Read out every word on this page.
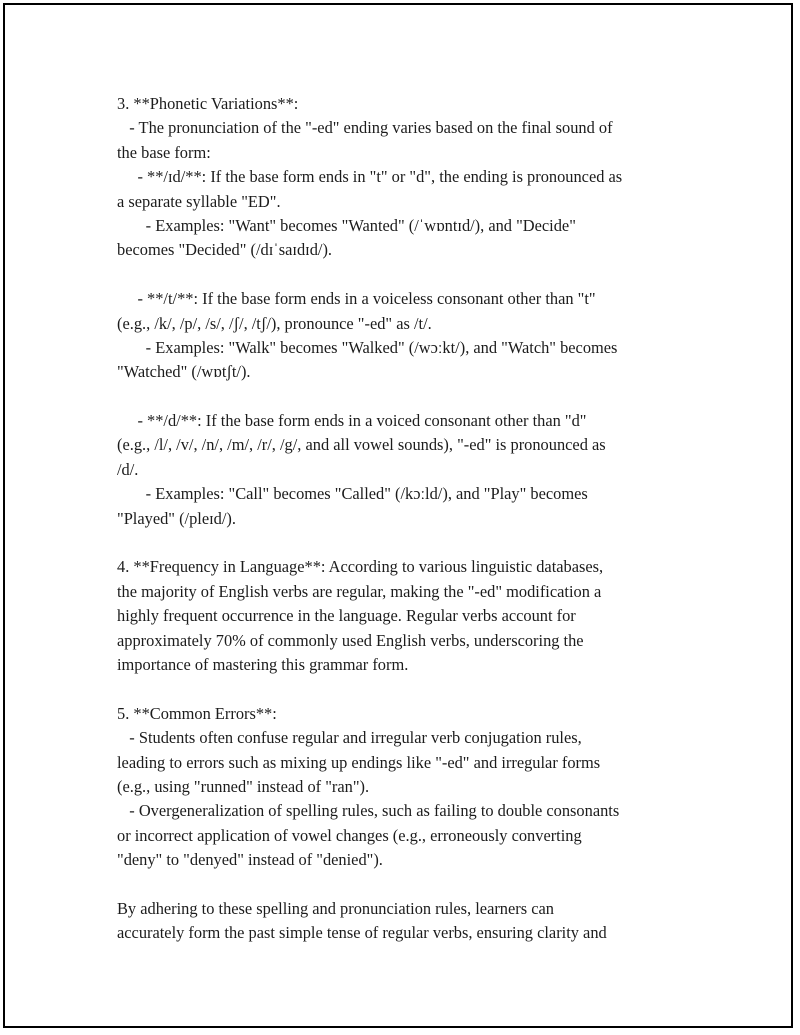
3. **Phonetic Variations**:
- The pronunciation of the "-ed" ending varies based on the final sound of
the base form:
- **/ɪd/**: If the base form ends in "t" or "d", the ending is pronounced as
a separate syllable "ED".
- Examples: "Want" becomes "Wanted" (/ˈwɒntɪd/), and "Decide"
becomes "Decided" (/dɪˈsaɪdɪd/).
- **/t/**: If the base form ends in a voiceless consonant other than "t"
(e.g., /k/, /p/, /s/, /ʃ/, /tʃ/), pronounce "-ed" as /t/.
- Examples: "Walk" becomes "Walked" (/wɔːkt/), and "Watch" becomes
"Watched" (/wɒtʃt/).
- **/d/**: If the base form ends in a voiced consonant other than "d"
(e.g., /l/, /v/, /n/, /m/, /r/, /g/, and all vowel sounds), "-ed" is pronounced as
/d/.
- Examples: "Call" becomes "Called" (/kɔːld/), and "Play" becomes
"Played" (/pleɪd/).
4. **Frequency in Language**: According to various linguistic databases,
the majority of English verbs are regular, making the "-ed" modification a
highly frequent occurrence in the language. Regular verbs account for
approximately 70% of commonly used English verbs, underscoring the
importance of mastering this grammar form.
5. **Common Errors**:
- Students often confuse regular and irregular verb conjugation rules,
leading to errors such as mixing up endings like "-ed" and irregular forms
(e.g., using "runned" instead of "ran").
- Overgeneralization of spelling rules, such as failing to double consonants
or incorrect application of vowel changes (e.g., erroneously converting
"deny" to "denyed" instead of "denied").
By adhering to these spelling and pronunciation rules, learners can
accurately form the past simple tense of regular verbs, ensuring clarity and
